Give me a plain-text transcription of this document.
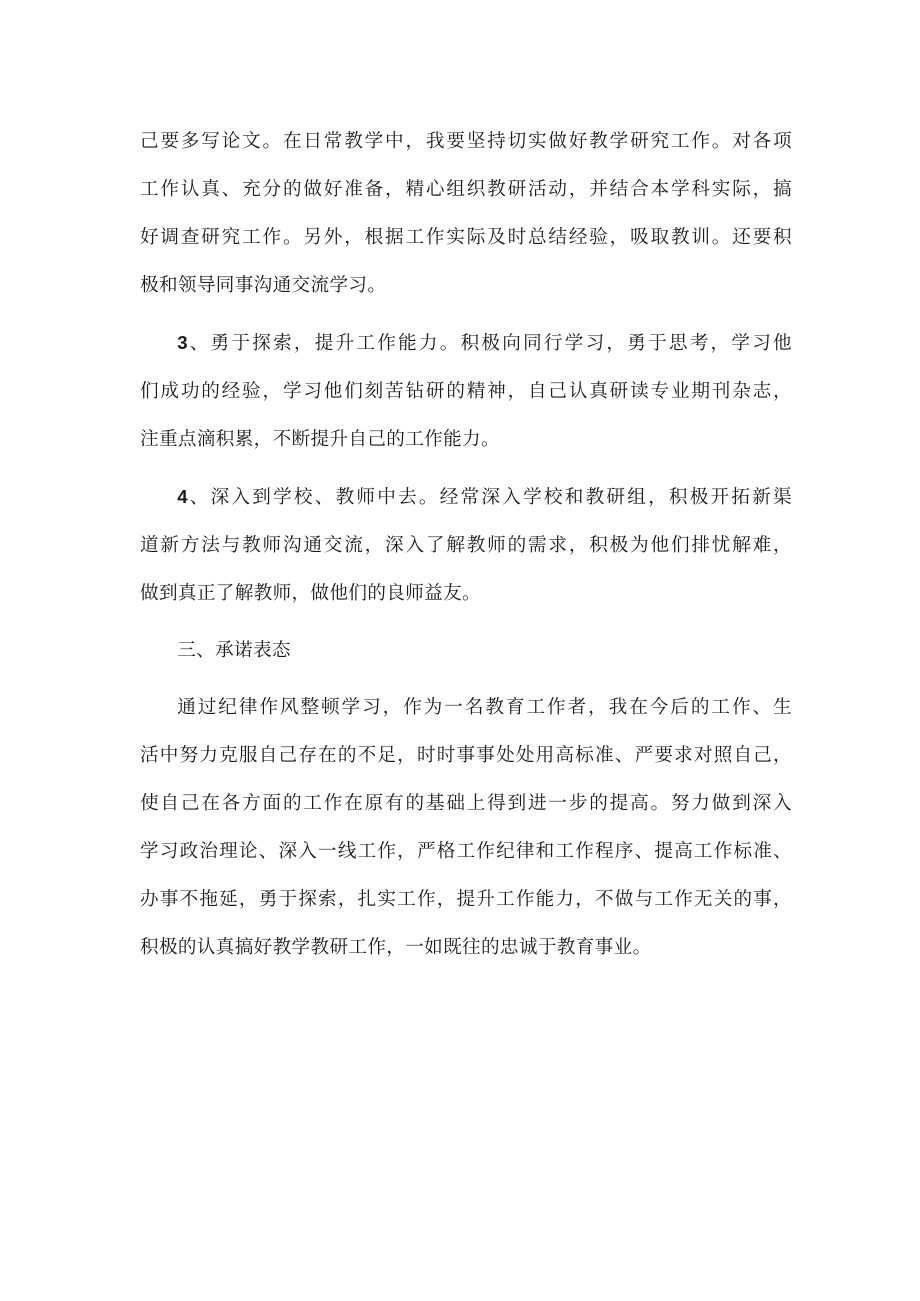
己要多写论文。在日常教学中，我要坚持切实做好教学研究工作。对各项
工作认真、充分的做好准备，精心组织教研活动，并结合本学科实际，搞
好调查研究工作。另外，根据工作实际及时总结经验，吸取教训。还要积
极和领导同事沟通交流学习。
3、勇于探索，提升工作能力。积极向同行学习，勇于思考，学习他
们成功的经验，学习他们刻苦钻研的精神，自己认真研读专业期刊杂志，
注重点滴积累，不断提升自己的工作能力。
4、深入到学校、教师中去。经常深入学校和教研组，积极开拓新渠
道新方法与教师沟通交流，深入了解教师的需求，积极为他们排忧解难，
做到真正了解教师，做他们的良师益友。
三、承诺表态
通过纪律作风整顿学习，作为一名教育工作者，我在今后的工作、生
活中努力克服自己存在的不足，时时事事处处用高标准、严要求对照自己，
使自己在各方面的工作在原有的基础上得到进一步的提高。努力做到深入
学习政治理论、深入一线工作，严格工作纪律和工作程序、提高工作标准、
办事不拖延，勇于探索，扎实工作，提升工作能力，不做与工作无关的事，
积极的认真搞好教学教研工作，一如既往的忠诚于教育事业。
